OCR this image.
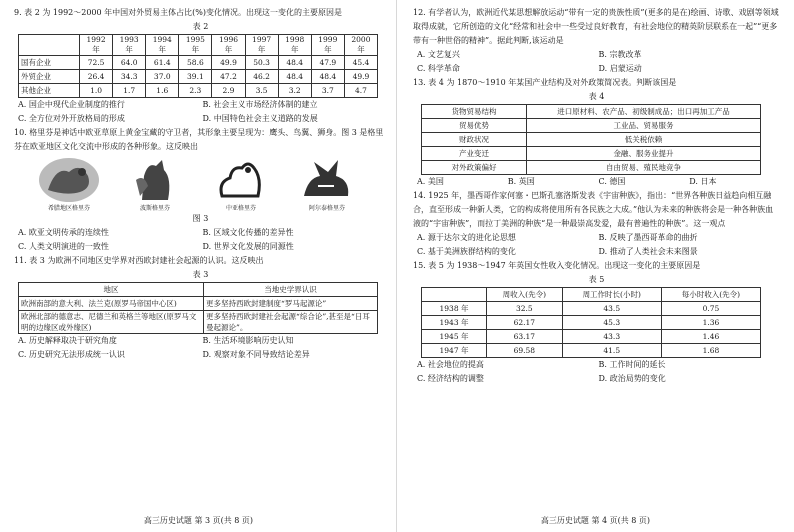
9. 表 2 为 1992～2000 年中国对外贸易主体占比(%)变化情况。出现这一变化的主要原因是

表 2

	1992 年	1993 年	1994 年	1995 年	1996 年	1997 年	1998 年	1999 年	2000 年
国有企业	72.5	64.0	61.4	58.6	49.9	50.3	48.4	47.9	45.4
外贸企业	26.4	34.3	37.0	39.1	47.2	46.2	48.4	48.4	49.9
其他企业	1.0	1.7	1.6	2.3	2.9	3.5	3.2	3.7	4.7
A. 国企中现代企业制度的推行	B. 社会主义市场经济体制的建立
C. 全方位对外开放格局的形成	D. 中国特色社会主义道路的发展

10. 格里芬是神话中欧亚草原上黄金宝藏的守卫者，其形象主要呈现为：鹰头、鸟翼、狮身。图 3 是格里芬在欧亚地区文化交流中形成的各种形象。这反映出

希腊地区格里芬	波斯格里芬	中亚格里芬	阿尔泰格里芬

图 3

A. 欧亚文明传承的连续性	B. 区域文化传播的差异性
C. 人类文明演进的一致性	D. 世界文化发展的同源性

11. 表 3 为欧洲不同地区史学界对西欧封建社会起源的认识。这反映出

表 3

地区	当地史学界认识
欧洲南部的意大利、法兰克(原罗马帝国中心区)	更多坚持西欧封建制度“罗马起源论”
欧洲北部的德意志、尼德兰和英格兰等地区(原罗马文明的边缘区或外缘区)	更多坚持西欧封建社会起源“综合论”,甚至是“日耳曼起源论”。
A. 历史解释取决于研究角度	B. 生活环境影响历史认知
C. 历史研究无法形成统一认识	D. 观察对象不同导致结论差异
高三历史试题 第 3 页(共 8 页)

12. 有学者认为，欧洲近代某思想解放运动“带有一定的贵族性质”(更多的是在)绘画、诗歌、戏剧等领域取得成就，它所创造的文化“经常和社会中一些受过良好教育，有社会地位的精英阶层联系在一起”“更多带有一种世俗的精神”。据此判断,该运动是

A. 文艺复兴	B. 宗教改革
C. 科学革命	D. 启蒙运动

13. 表 4 为 1870～1910 年某国产业结构及对外政策简况表。判断该国是

表 4

货物贸易结构	进口原材料、农产品、初级制成品；出口再加工产品
贸易优势	工业品、贸易服务
财政状况	低关税依赖
产业变迁	金融、服务业提升
对外政策偏好	自由贸易、殖民地竞争
A. 美国	B. 英国	C. 德国	D. 日本

14. 1925 年，墨西哥作家何塞・巴斯孔塞洛斯发表《宇宙种族》，指出：“世界各种族日益趋向相互融合，直至形成一种新人类，它的构成将使用所有各民族之大成。”他认为未来的种族将会是一种各种族血液的“宇宙种族”，而拉丁美洲的种族“是一种最崇高发爱，最有普遍性的种族”。这一观点

A. 源于达尔文的进化论思想	B. 反映了墨西哥革命的曲折
C. 基于美洲族群结构的变化	D. 推动了人类社会未来图景

15. 表 5 为 1938～1947 年英国女性收入变化情况。出现这一变化的主要原因是

表 5

	周收入(先令)	周工作时长(小时)	每小时收入(先令)
1938 年	32.5	43.5	0.75
1943 年	62.17	45.3	1.36
1945 年	63.17	43.3	1.46
1947 年	69.58	41.5	1.68
A. 社会地位的提高	B. 工作时间的延长
C. 经济结构的调整	D. 政治局势的变化
高三历史试题 第 4 页(共 8 页)
